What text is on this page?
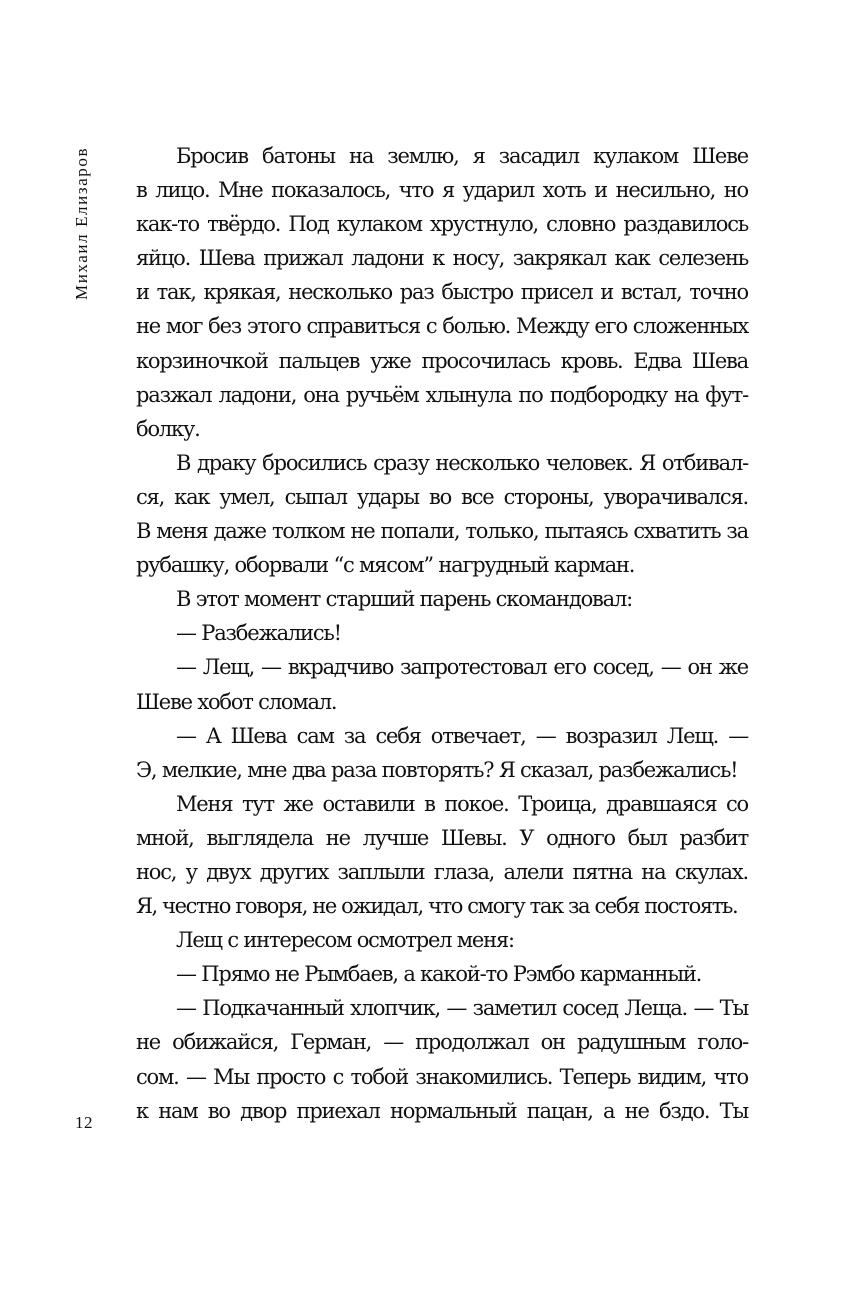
Михаил Елизаров	Бросив батоны на землю, я засадил кулаком Шеве
в лицо. Мне показалось, что я ударил хоть и несильно, но
как-то твёрдо. Под кулаком хрустнуло, словно раздавилось
яйцо. Шева прижал ладони к носу, закрякал как селезень
и так, крякая, несколько раз быстро присел и встал, точно
не мог без этого справиться с болью. Между его сложенных
корзиночкой пальцев уже просочилась кровь. Едва Шева
разжал ладони, она ручьём хлынула по подбородку на фут-
болку.
В драку бросились сразу несколько человек. Я отбивал-
ся, как умел, сыпал удары во все стороны, уворачивался.
В меня даже толком не попали, только, пытаясь схватить за
рубашку, оборвали “с мясом” нагрудный карман.
В этот момент старший парень скомандовал:
— Разбежались!
— Лещ, — вкрадчиво запротестовал его сосед, — он же
Шеве хобот сломал.
— А Шева сам за себя отвечает, — возразил Лещ. —
Э, мелкие, мне два раза повторять? Я сказал, разбежались!
Меня тут же оставили в покое. Троица, дравшаяся со
мной, выглядела не лучше Шевы. У одного был разбит
нос, у двух других заплыли глаза, алели пятна на скулах.
Я, честно говоря, не ожидал, что смогу так за себя постоять.
Лещ с интересом осмотрел меня:
— Прямо не Рымбаев, а какой-то Рэмбо карманный.
— Подкачанный хлопчик, — заметил сосед Леща. — Ты
не обижайся, Герман, — продолжал он радушным голо-
сом. — Мы просто с тобой знакомились. Теперь видим, что
к нам во двор приехал нормальный пацан, а не бздо. Ты
12
